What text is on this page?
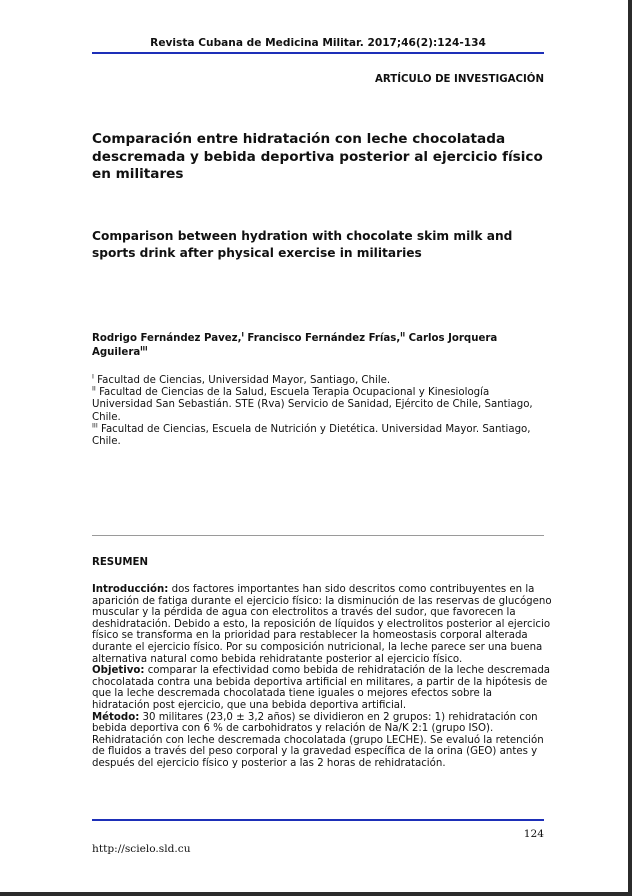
Revista Cubana de Medicina Militar. 2017;46(2):124-134
ARTÍCULO DE INVESTIGACIÓN
Comparación entre hidratación con leche chocolatada descremada y bebida deportiva posterior al ejercicio físico en militares
Comparison between hydration with chocolate skim milk and sports drink after physical exercise in militaries
Rodrigo Fernández Pavez,$^I$ Francisco Fernández Frías,$^{II}$ Carlos Jorquera Aguilera$^{III}$
$^I$ Facultad de Ciencias, Universidad Mayor, Santiago, Chile.
$^{II}$ Facultad de Ciencias de la Salud, Escuela Terapia Ocupacional y Kinesiología Universidad San Sebastián. STE (Rva) Servicio de Sanidad, Ejército de Chile, Santiago, Chile.
$^{III}$ Facultad de Ciencias, Escuela de Nutrición y Dietética. Universidad Mayor. Santiago, Chile.
RESUMEN

Introducción: dos factores importantes han sido descritos como contribuyentes en la aparición de fatiga durante el ejercicio físico: la disminución de las reservas de glucógeno muscular y la pérdida de agua con electrolitos a través del sudor, que favorecen la deshidratación. Debido a esto, la reposición de líquidos y electrolitos posterior al ejercicio físico se transforma en la prioridad para restablecer la homeostasis corporal alterada durante el ejercicio físico. Por su composición nutricional, la leche parece ser una buena alternativa natural como bebida rehidratante posterior al ejercicio físico.

Objetivo: comparar la efectividad como bebida de rehidratación de la leche descremada chocolatada contra una bebida deportiva artificial en militares, a partir de la hipótesis de que la leche descremada chocolatada tiene iguales o mejores efectos sobre la hidratación post ejercicio, que una bebida deportiva artificial.

Método: 30 militares (23,0 ± 3,2 años) se dividieron en 2 grupos: 1) rehidratación con bebida deportiva con 6 % de carbohidratos y relación de Na/K 2:1 (grupo ISO). Rehidratación con leche descremada chocolatada (grupo LECHE). Se evaluó la retención de fluidos a través del peso corporal y la gravedad específica de la orina (GEO) antes y después del ejercicio físico y posterior a las 2 horas de rehidratación.

124
http://scielo.sld.cu
